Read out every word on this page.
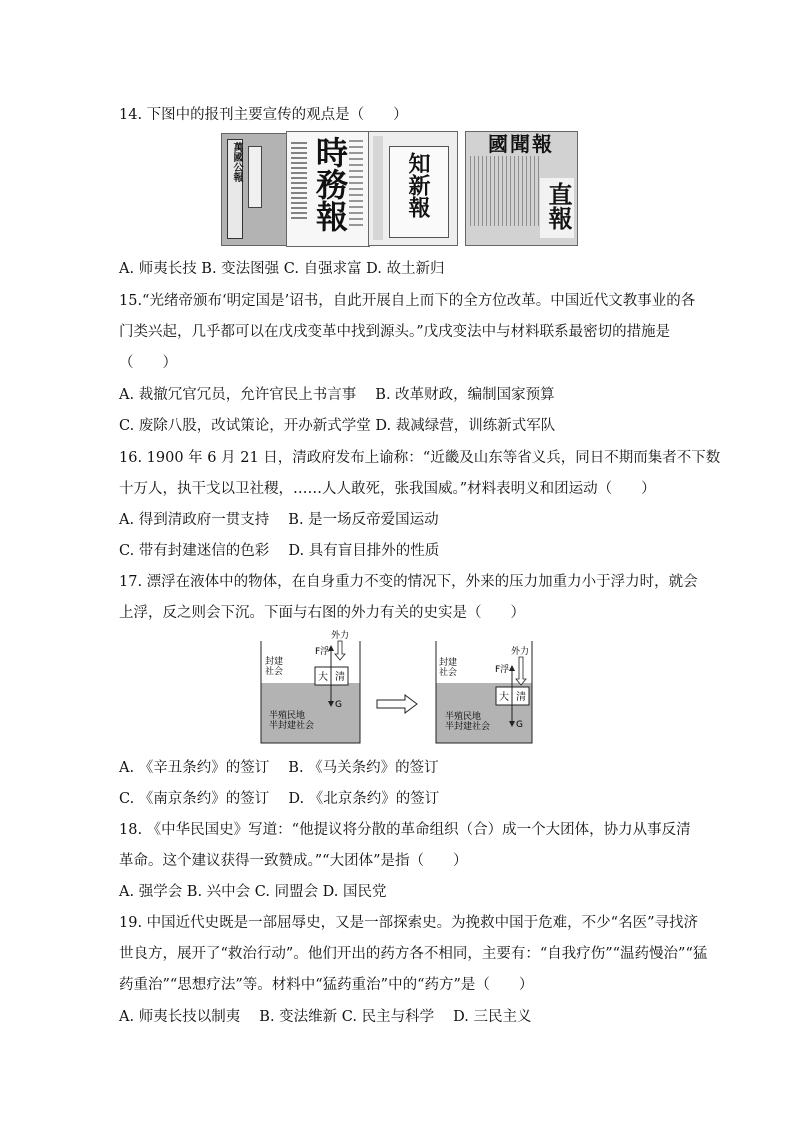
14. 下图中的报刊主要宣传的观点是（　　）
萬國公報 時務報	知新報
國聞報
直報
A. 师夷长技 B. 变法图强 C. 自强求富 D. 故土新归
15.“光绪帝颁布‘明定国是’诏书，自此开展自上而下的全方位改革。中国近代文教事业的各
门类兴起，几乎都可以在戊戌变革中找到源头。”戊戌变法中与材料联系最密切的措施是
（　　）
A. 裁撤冗官冗员，允许官民上书言事　 B. 改革财政，编制国家预算
C. 废除八股，改试策论，开办新式学堂 D. 裁减绿营，训练新式军队
16. 1900 年 6 月 21 日，清政府发布上谕称：“近畿及山东等省义兵，同日不期而集者不下数
十万人，执干戈以卫社稷，……人人敢死，张我国威。”材料表明义和团运动（　　）
A. 得到清政府一贯支持　 B. 是一场反帝爱国运动
C. 带有封建迷信的色彩　 D. 具有盲目排外的性质
17. 漂浮在液体中的物体，在自身重力不变的情况下，外来的压力加重力小于浮力时，就会
上浮，反之则会下沉。下面与右图的外力有关的史实是（　　）
封建
社会
半殖民地
半封建社会
大 清
F浮
G
外力
封建
社会
半殖民地
半封建社会
大 清
F浮
G
外力
A. 《辛丑条约》的签订　 B. 《马关条约》的签订
C. 《南京条约》的签订　 D. 《北京条约》的签订
18. 《中华民国史》写道：“他提议将分散的革命组织（合）成一个大团体，协力从事反清
革命。这个建议获得一致赞成。”“大团体”是指（　　）
A. 强学会 B. 兴中会 C. 同盟会 D. 国民党
19. 中国近代史既是一部屈辱史，又是一部探索史。为挽救中国于危难，不少“名医”寻找济
世良方，展开了“救治行动”。他们开出的药方各不相同，主要有：“自我疗伤”“温药慢治”“猛
药重治”“思想疗法”等。材料中“猛药重治”中的“药方”是（　　）
A. 师夷长技以制夷　 B. 变法维新 C. 民主与科学　 D. 三民主义
